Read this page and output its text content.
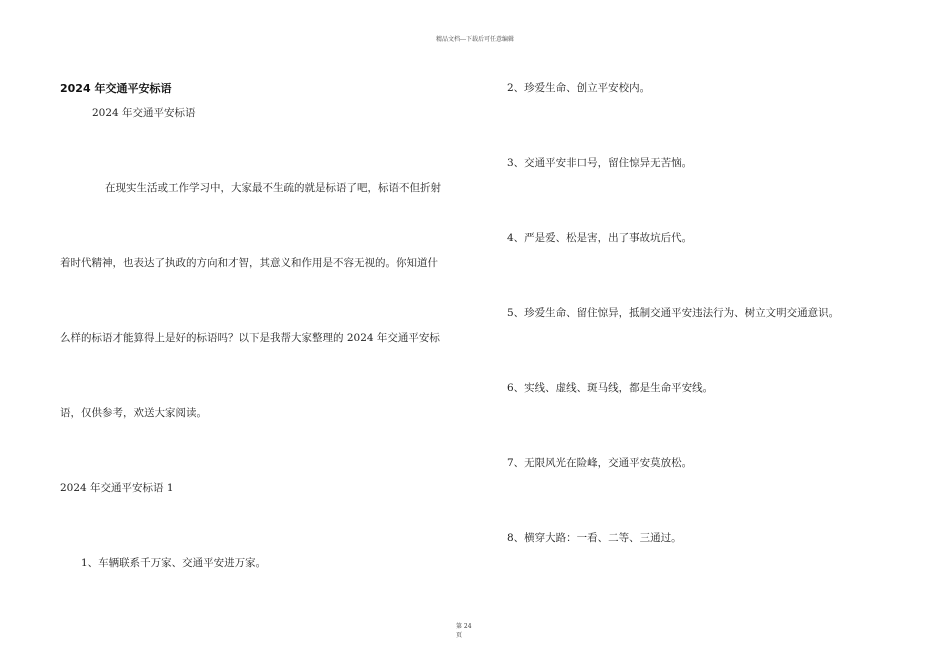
精品文档---下载后可任意编辑
2024 年交通平安标语
2024 年交通平安标语
在现实生活或工作学习中，大家最不生疏的就是标语了吧，标语不但折射
着时代精神，也表达了执政的方向和才智，其意义和作用是不容无视的。你知道什
么样的标语才能算得上是好的标语吗？以下是我帮大家整理的 2024 年交通平安标
语，仅供参考，欢送大家阅读。
2024 年交通平安标语 1
1、车辆联系千万家、交通平安进万家。
2、珍爱生命、创立平安校内。
3、交通平安非口号，留住惊异无苦恼。
4、严是爱、松是害，出了事故坑后代。
5、珍爱生命、留住惊异，抵制交通平安违法行为、树立文明交通意识。
6、实线、虚线、斑马线，都是生命平安线。
7、无限风光在险峰，交通平安莫放松。
8、横穿大路：一看、二等、三通过。
第 24
页
